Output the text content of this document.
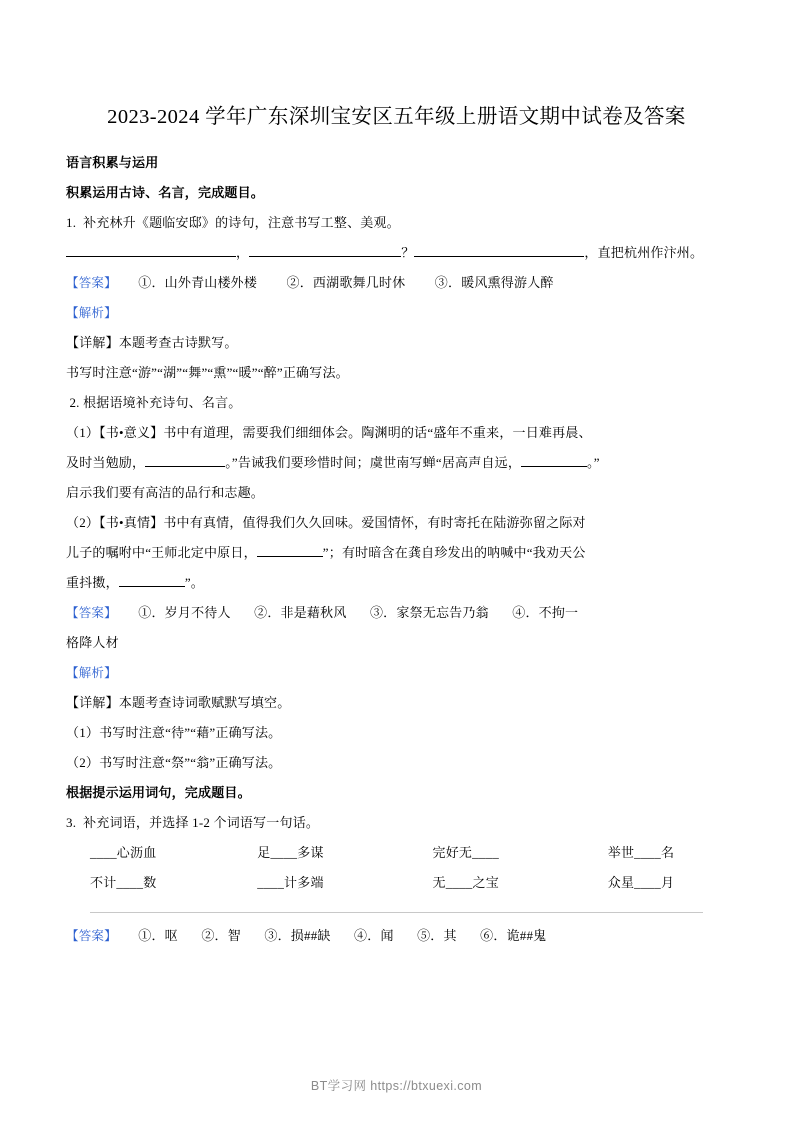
2023-2024 学年广东深圳宝安区五年级上册语文期中试卷及答案
语言积累与运用
积累运用古诗、名言，完成题目。
1. 补充林升《题临安邸》的诗句，注意书写工整、美观。
，	？	，直把杭州作汴州。
【答案】 ①．山外青山楼外楼 ②．西湖歌舞几时休 ③．暖风熏得游人醉
【解析】
【详解】本题考查古诗默写。
书写时注意“游”“湖”“舞”“熏”“暖”“醉”正确写法。
2. 根据语境补充诗句、名言。
（1）【书•意义】书中有道理，需要我们细细体会。陶渊明的话“盛年不重来，一日难再晨、
及时当勉励，	。”告诫我们要珍惜时间；虞世南写蝉“居高声自远，	。”
启示我们要有高洁的品行和志趣。
（2）【书•真情】书中有真情，值得我们久久回味。爱国情怀，有时寄托在陆游弥留之际对
儿子的嘱咐中“王师北定中原日，	”；有时暗含在龚自珍发出的呐喊中“我劝天公
重抖擞，	”。
【答案】 ①．岁月不待人 ②．非是藉秋风 ③．家祭无忘告乃翁 ④．不拘一
格降人材
【解析】
【详解】本题考查诗词歌赋默写填空。
（1）书写时注意“待”“藉”正确写法。
（2）书写时注意“祭”“翁”正确写法。
根据提示运用词句，完成题目。
3. 补充词语，并选择 1-2 个词语写一句话。
____心沥血	足____多谋	完好无____	举世____名
不计____数	____计多端	无____之宝	众星____月
【答案】 ①．呕 ②．智 ③．损##缺 ④．闻 ⑤．其 ⑥．诡##鬼
BT学习网 https://btxuexi.com
